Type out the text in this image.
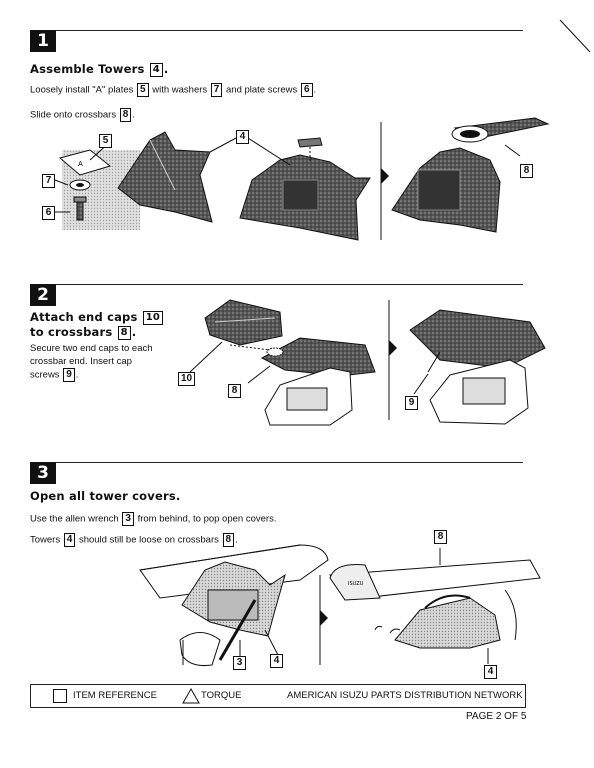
1
Assemble Towers 4 .
Loosely install "A" plates 5 with washers 7 and plate screws 6 .
Slide onto crossbars 8 .
A
5
7
6
4
8
2
Attach end caps 10
to crossbars 8 .
Secure two end caps to each
crossbar end. Insert cap
screws 9 .	10
8
9
3
Open all tower covers.
Use the allen wrench 3 from behind, to pop open covers.
Towers 4 should still be loose on crossbars 8 .
ISUZU
3	4
8
4
ITEM REFERENCE	TORQUE	AMERICAN ISUZU PARTS DISTRIBUTION NETWORK
PAGE 2 OF 5
